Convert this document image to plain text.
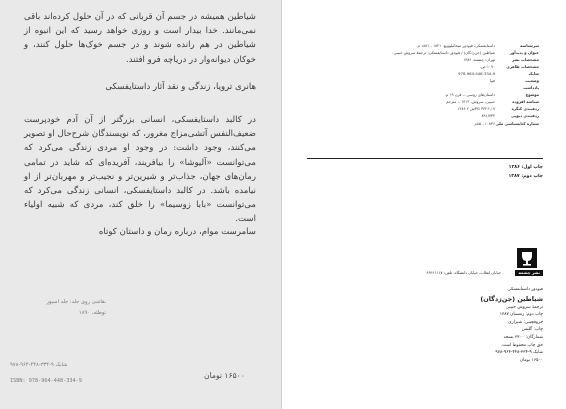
شیاطین همیشه در جسم آن قربانی که در آن حلول کرده‌اند باقی نمی‌مانند. خدا بیدار است و روزی خواهد رسید که این انبوه از شیاطین در هم رانده شوند و در جسم خوک‌ها حلول کنند، و خوکان دیوانه‌وار در دریاچه فرو افتند.

هانری ترویا، زندگی و نقد آثار داستایفسکی

در کالبد داستایفسکی، انسانی بزرگتر از آن آدم خودپرست ضعیف‌النفس آتشی‌مزاج مغرور، که نویسندگان شرح‌حال او تصویر می‌کنند، وجود داشت: در وجود او مردی زندگی می‌کرد که می‌توانست «آلیوشا» را بیافریند، آفریده‌ای که شاید در تمامی رمان‌های جهان، جذاب‌تر و شیرین‌تر و نجیب‌تر و مهربان‌تر از او نیامده باشد. در کالبد داستایفسکی، انسانی زندگی می‌کرد که می‌توانست «بابا زوسیما» را خلق کند، مردی که شبیه اولیاء است.

سامرست موام، درباره رمان و داستان کوتاه

نقاشی روی جلد: جلد اسپور

توطئه، ۱۸۹۰

شابک ۹-۳۳۴-۴۴۸-۹۶۴-۹۷۸

ISBN: 978-964-448-334-9

۱۶۵۰۰ تومان

سرشناسه
داستایفسکی، فیودور میخائیلوویچ، ۱۸۲۱ - ۱۸۸۱ م.
عنوان و پدیدآور
شیاطین (جن‌زدگان) / فیودور داستایفسکی؛ ترجمهٔ سروش حبیبی.
مشخصات نشر
تهران: چشمه، ۱۳۸۶
مشخصات ظاهری
۱۰۹۰ ص.
شابک
978-964-448-334-9
وضعیت
فیپا
یادداشت
موضوع
داستان‌های روسی -- قرن ۱۹ م.
شناسه افزوده
حبیبی، سروش، ۱۳۱۲ -، مترجم
ردهبندی کنگره
PG ۳۳۲۶ / ۷ش ۲ ۱۳۸۶
ردهبندی دیویی
۸۹۱/۷۳۳
شماره کتابشناسی ملی
۱۰۸۳۶ - ۸۵م

چاپ اول: ۱۳۸۶

چاپ دوم: ۱۳۸۷

نشر چشمه
خیابان انقلاب، خیابان دانشگاه. تلفن: ۶۶۴۶۱۱۱۷

فیودور داستایفسکی

شیاطین (جن‌زدگان)

ترجمهٔ سروش حبیبی

چاپ دوم: زمستان ۱۳۸۷

حروفچینی: شیرازی

چاپ: گلشن

شمارگان: ۳۳۰۰ نسخه

حق چاپ محفوظ است.

شابک ۹-۳۳۴-۴۴۸-۹۶۴-۹۷۸

۱۶۵۰۰ تومان
